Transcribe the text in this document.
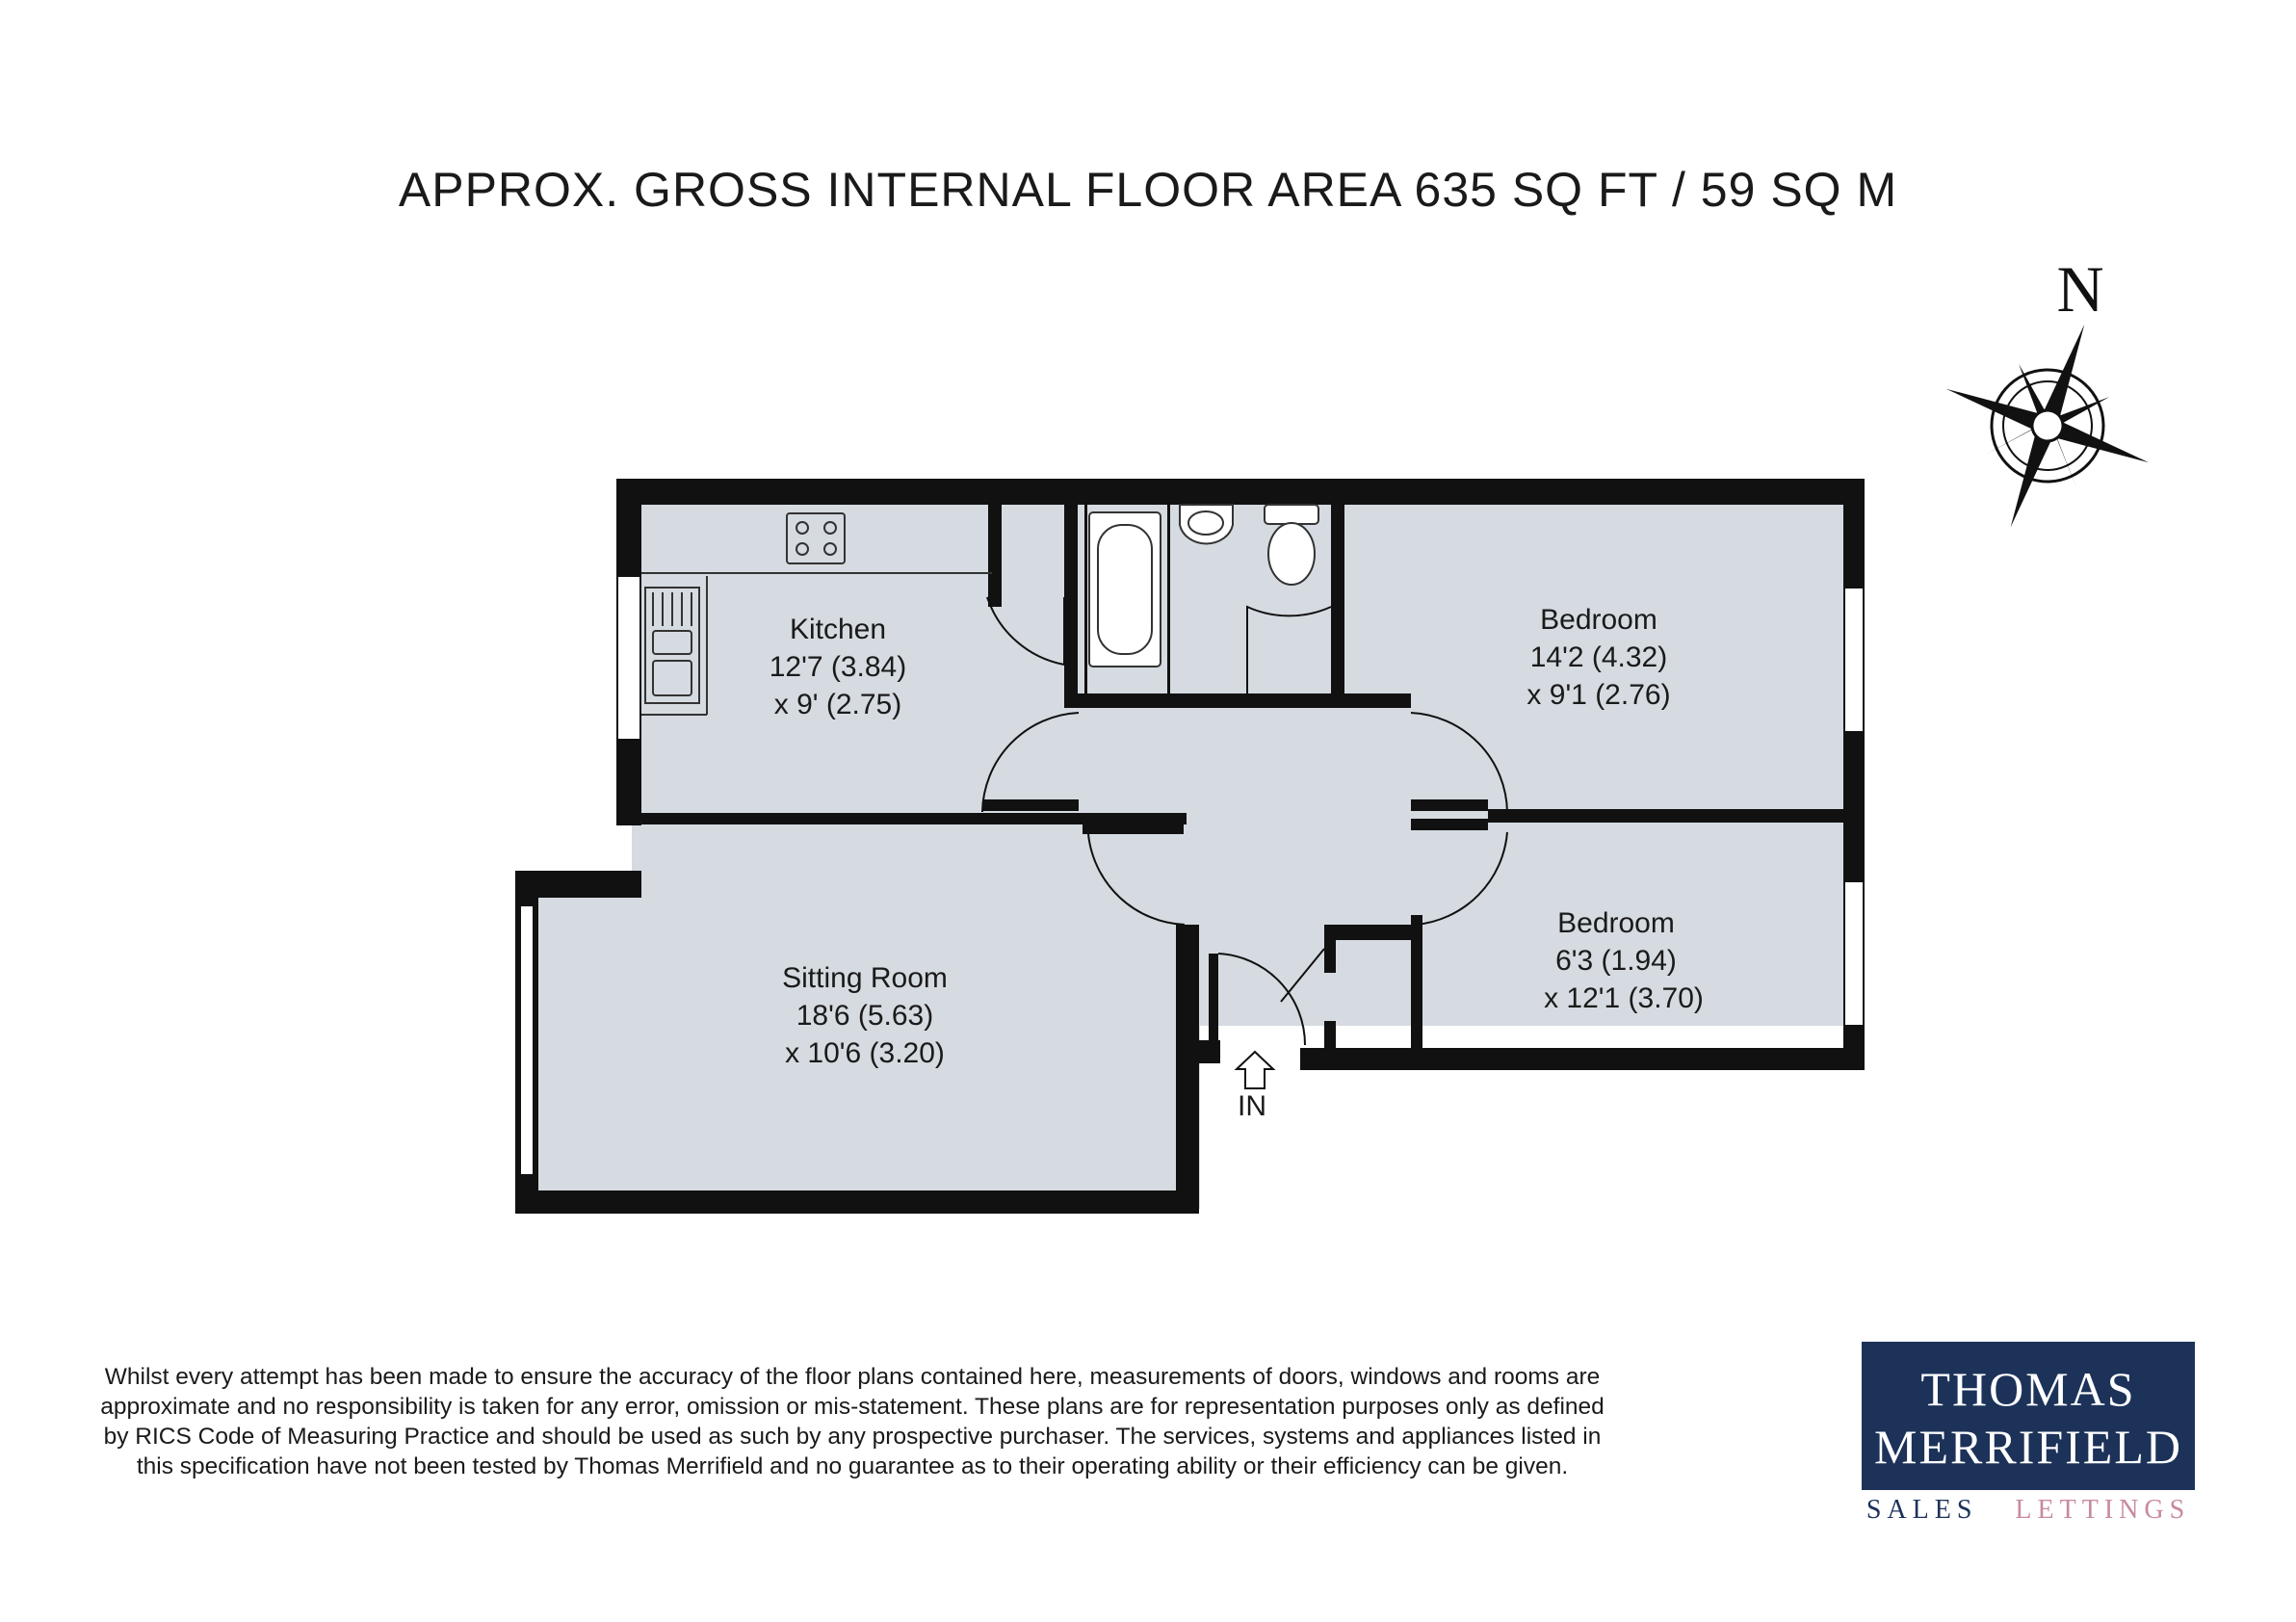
APPROX. GROSS INTERNAL FLOOR AREA 635 SQ FT / 59 SQ M
Kitchen
12'7 (3.84)
x 9' (2.75)
Bedroom
14'2 (4.32)
x 9'1 (2.76)
Bedroom
6'3 (1.94)
x 12'1 (3.70)
Sitting Room
18'6 (5.63)
x 10'6 (3.20)
IN
N
Whilst every attempt has been made to ensure the accuracy of the floor plans contained here, measurements of doors, windows and rooms are approximate and no responsibility is taken for any error, omission or mis-statement. These plans are for representation purposes only as defined by RICS Code of Measuring Practice and should be used as such by any prospective purchaser. The services, systems and appliances listed in this specification have not been tested by Thomas Merrifield and no guarantee as to their operating ability or their efficiency can be given.
THOMAS
MERRIFIELD
SALES LETTINGS
